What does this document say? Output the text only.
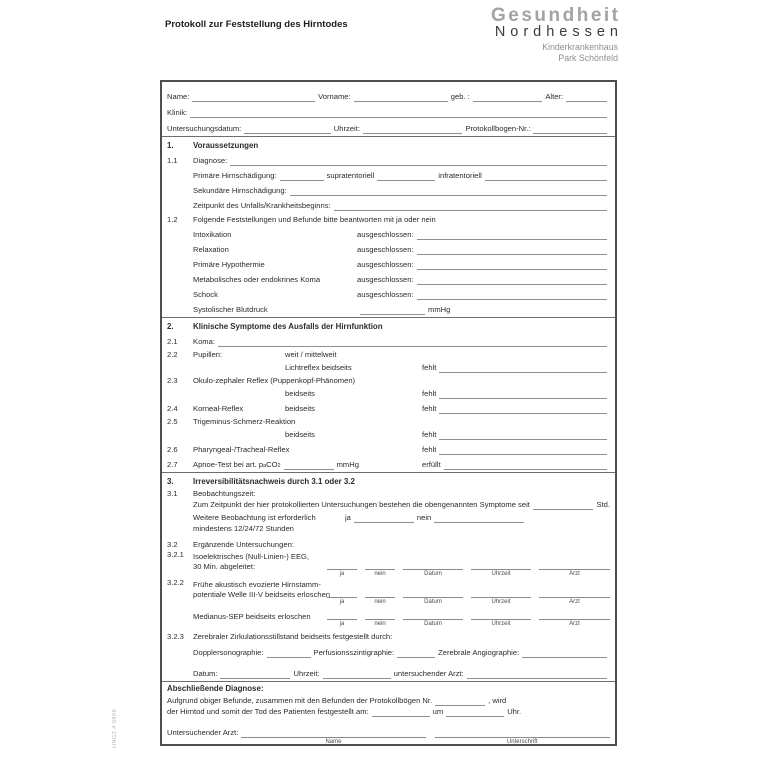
Protokoll zur Feststellung des Hirntodes	Gesundheit
Nordhessen
Kinderkrankenhaus
Park Schönfeld
Name:	Vorname:	geb. :	Alter:
Klinik:
Untersuchungsdatum:	Uhrzeit:	Protokollbogen-Nr.:
1.	Voraussetzungen
1.1	Diagnose:
Primäre Hirnschädigung:	supratentoriell	infratentoriell
Sekundäre Hirnschädigung:
Zeitpunkt des Unfalls/Krankheitsbeginns:
1.2	Folgende Feststellungen und Befunde bitte beantworten mit ja oder nein
Intoxikation	ausgeschlossen:
Relaxation	ausgeschlossen:
Primäre Hypothermie	ausgeschlossen:
Metabolisches oder endokrines Koma	ausgeschlossen:
Schock	ausgeschlossen:
Systolischer Blutdruck	mmHg
2.	Klinische Symptome des Ausfalls der Hirnfunktion
2.1	Koma:
2.2	Pupillen:	weit / mittelweit
Lichtreflex beidseits	fehlt
2.3	Okulo-zephaler Reflex (Puppenkopf-Phänomen)
beidseits	fehlt
2.4	Korneal-Reflex	beidseits	fehlt
2.5	Trigeminus-Schmerz-Reaktion
beidseits	fehlt
2.6	Pharyngeal-/Tracheal-Reflex	fehlt
2.7	Apnoe-Test bei art. p a CO 2	mmHg	erfüllt
3.	Irreversibilitätsnachweis durch 3.1 oder 3.2
3.1	Beobachtungszeit:
Zum Zeitpunkt der hier protokollierten Untersuchungen bestehen die obengenannten Symptome seit	Std.
Weitere Beobachtung ist erforderlich	ja	nein
mindestens 12/24/72 Stunden
3.2	Ergänzende Untersuchungen:
3.2.1	Isoelektrisches (Null-Linien-) EEG,
30 Min. abgeleitet:
ja	nein	Datum	Uhrzeit	Arzt
3.2.2	Frühe akustisch evozierte Hirnstamm-
potentiale Welle III-V beidseits erloschen
ja	nein	Datum	Uhrzeit	Arzt
Medianus-SEP beidseits erloschen
ja	nein	Datum	Uhrzeit	Arzt
3.2.3	Zerebraler Zirkulationsstillstand beidseits festgestellt durch:
Dopplersonographie:	Perfusionsszintigraphie:	Zerebrale Angiographie:
Datum:	Uhrzeit:	untersuchender Arzt:
Abschließende Diagnose:
Aufgrund obiger Befunde, zusammen mit den Befunden der Protokollbögen Nr.	, wird
der Hirntod und somit der Tod des Patienten festgestellt am:	um	Uhr.
Untersuchender Arzt:
Name	Unterschrift
HNG2 # 0909
